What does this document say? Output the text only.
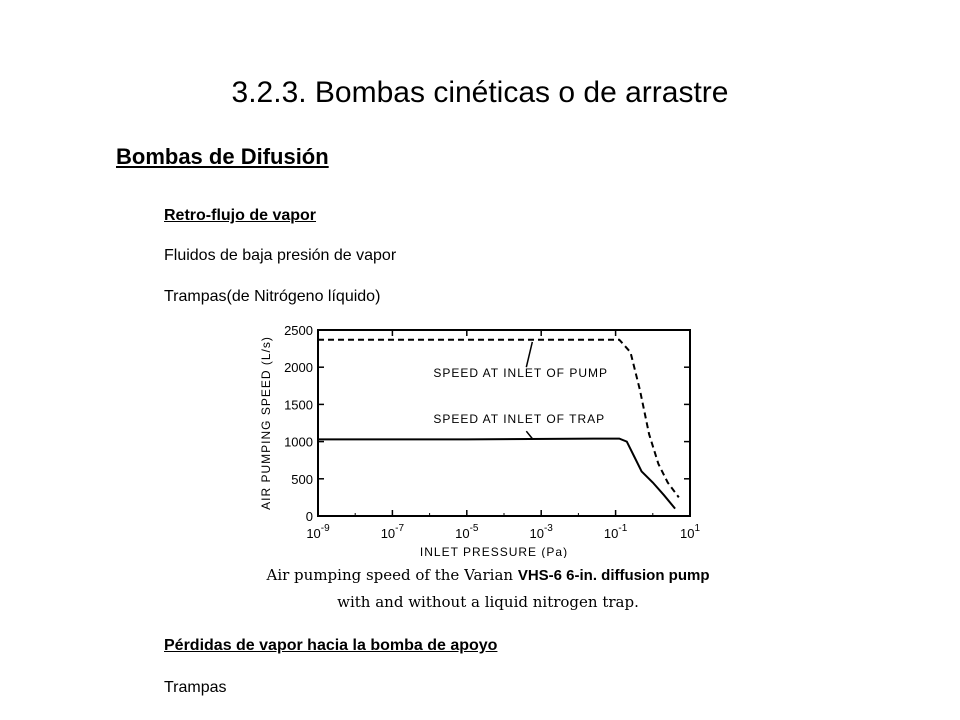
3.2.3. Bombas cinéticas o de arrastre
Bombas de Difusión
Retro-flujo de vapor
Fluidos de baja presión de vapor
Trampas(de Nitrógeno líquido)
0
500
1000
1500
2000
2500
$10^{-9}$	$10^{-7}$	$10^{-5}$	$10^{-3}$	$10^{-1}$	$10^1$
INLET PRESSURE (Pa)
AIR PUMPING SPEED (L/s)	SPEED AT INLET OF PUMP
SPEED AT INLET OF TRAP
Air pumping speed of the Varian VHS-6 6-in. diffusion pump
with and without a liquid nitrogen trap.
Pérdidas de vapor hacia la bomba de apoyo
Trampas
